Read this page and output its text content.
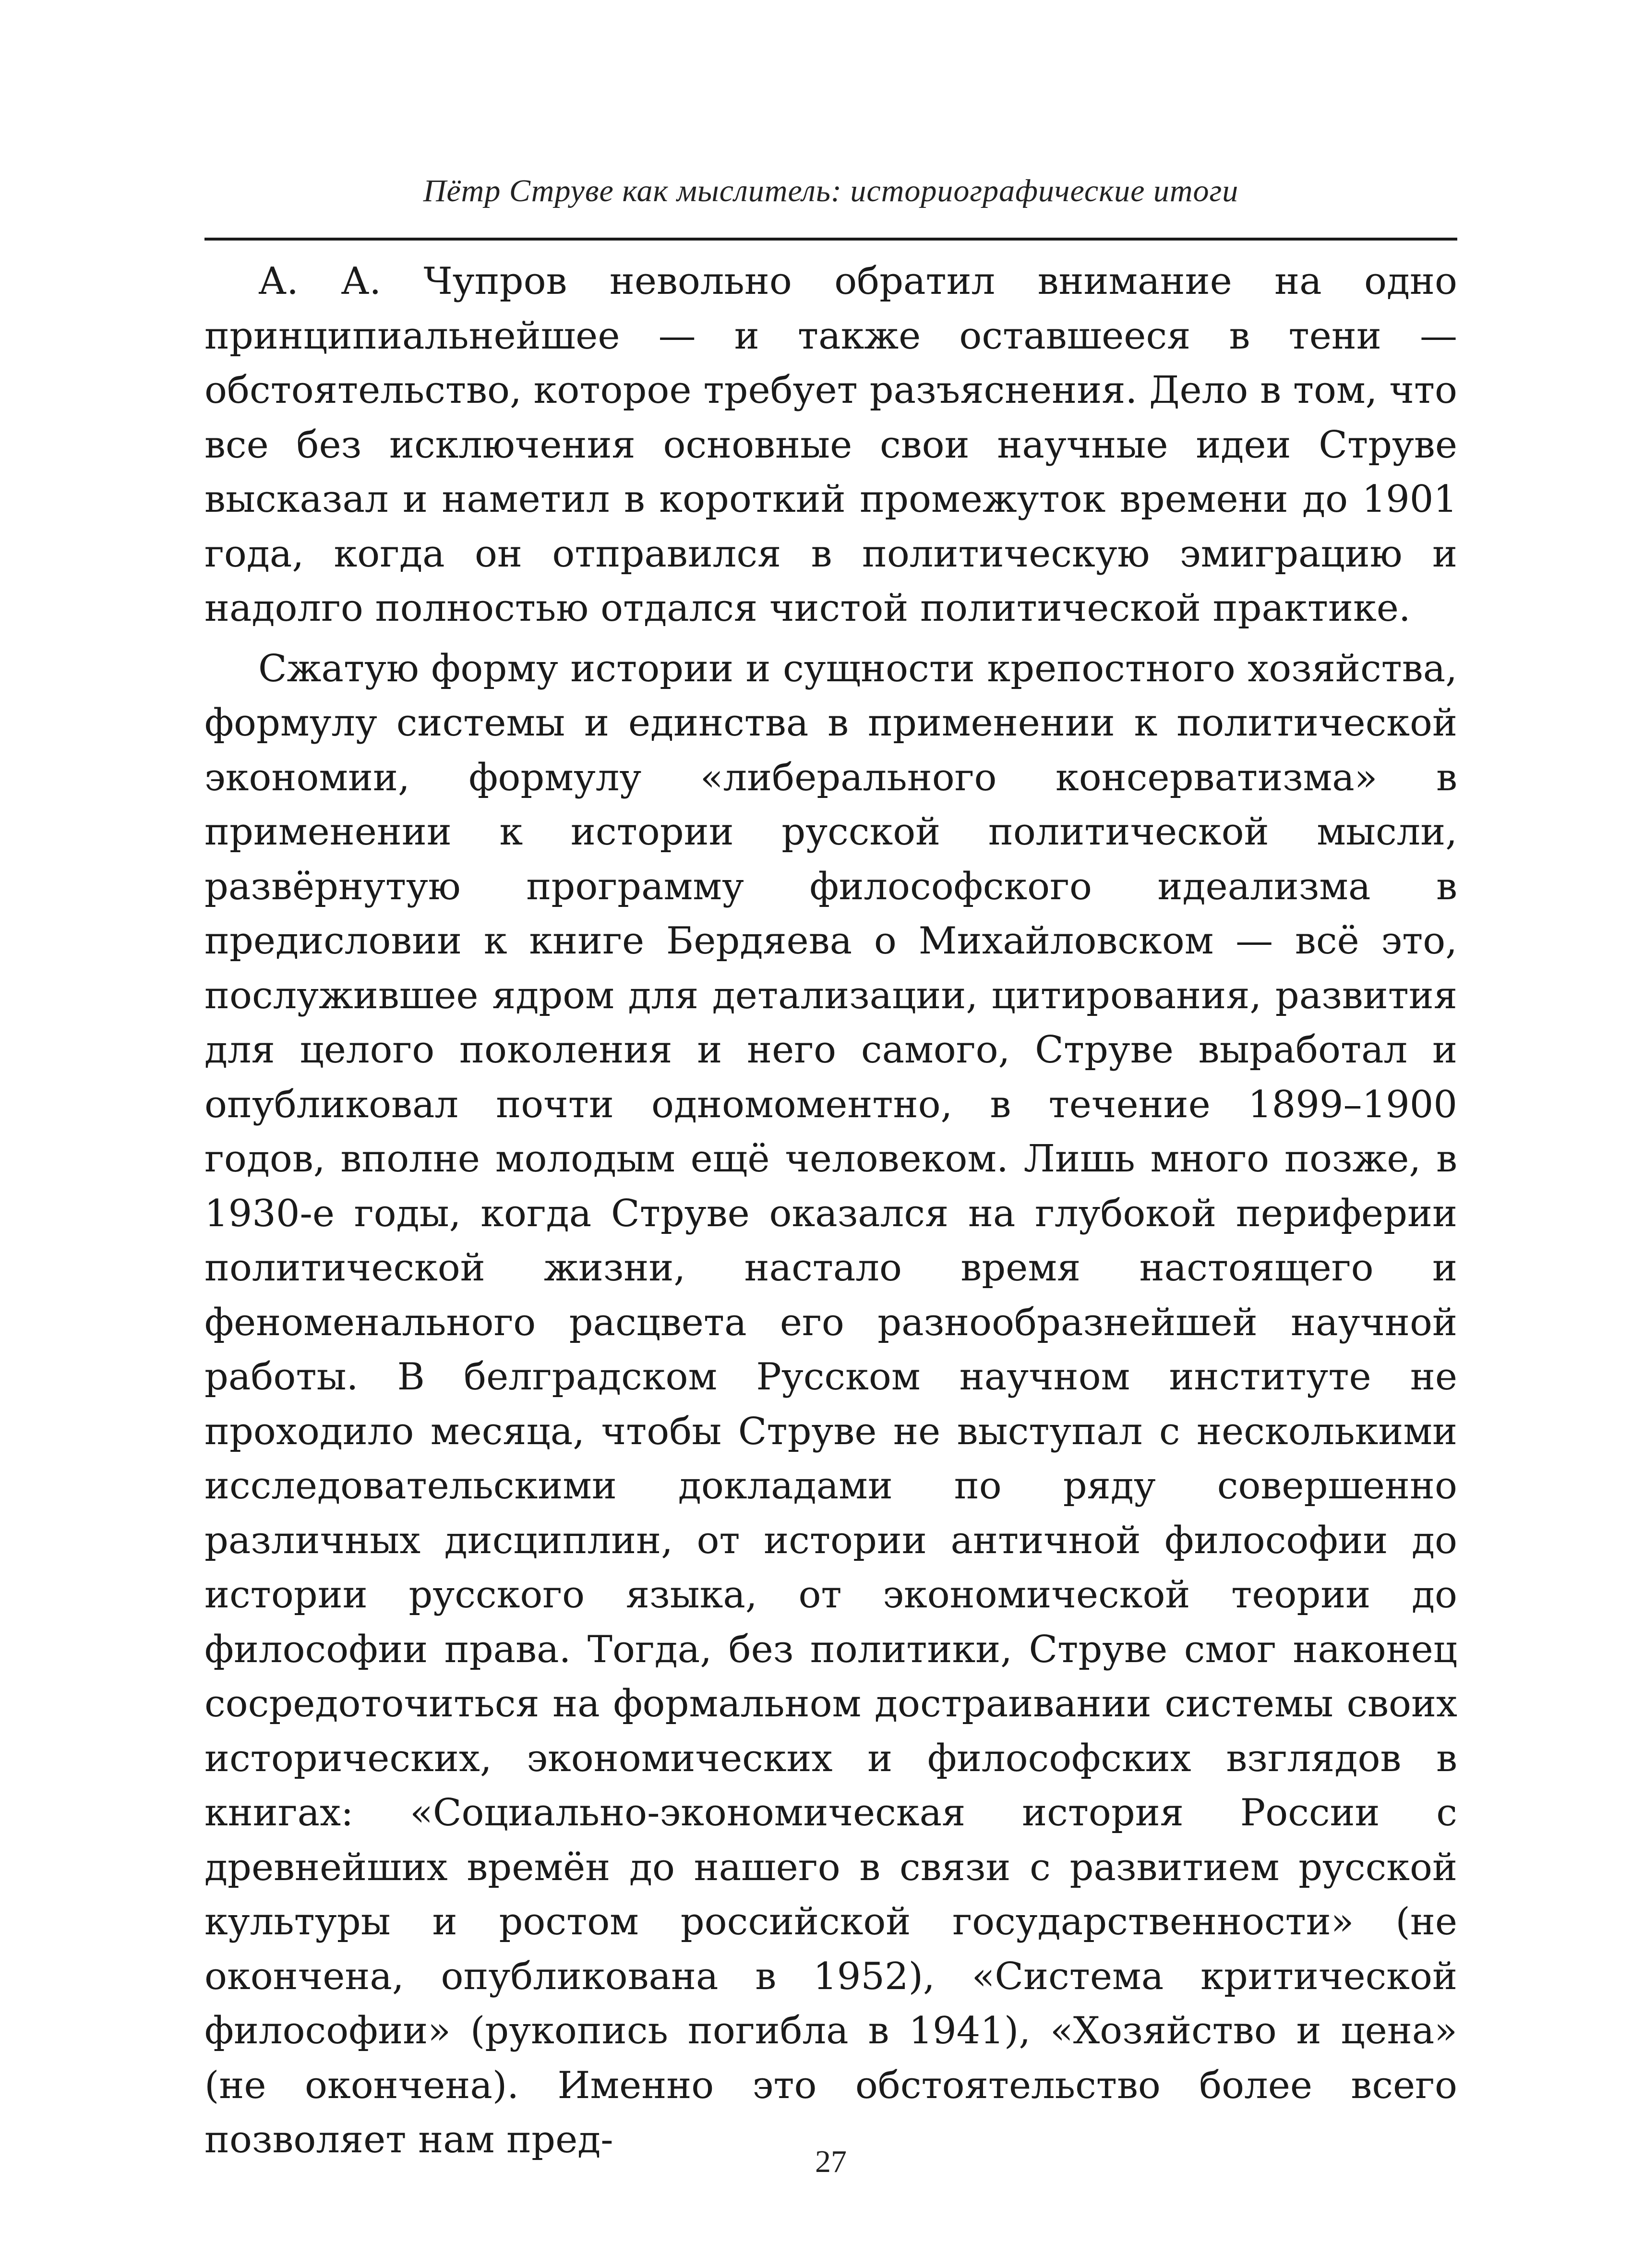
Пётр Струве как мыслитель: историографические итоги

А. А. Чупров невольно обратил внимание на одно принципиальнейшее — и также оставшееся в тени — обстоятельство, которое требует разъяснения. Дело в том, что все без исключения основные свои научные идеи Струве высказал и наметил в короткий промежуток времени до 1901 года, когда он отправился в политическую эмиграцию и надолго полностью отдался чистой политической практике.

Сжатую форму истории и сущности крепостного хозяйства, формулу системы и единства в применении к политической экономии, формулу «либерального консерватизма» в применении к истории русской политической мысли, развёрнутую программу философского идеализма в предисловии к книге Бердяева о Михайловском — всё это, послужившее ядром для детализации, цитирования, развития для целого поколения и него самого, Струве выработал и опубликовал почти одномоментно, в течение 1899–1900 годов, вполне молодым ещё человеком. Лишь много позже, в 1930-е годы, когда Струве оказался на глубокой периферии политической жизни, настало время настоящего и феноменального расцвета его разнообразнейшей научной работы. В белградском Русском научном институте не проходило месяца, чтобы Струве не выступал с несколькими исследовательскими докладами по ряду совершенно различных дисциплин, от истории античной философии до истории русского языка, от экономической теории до философии права. Тогда, без политики, Струве смог наконец сосредоточиться на формальном достраивании системы своих исторических, экономических и философских взглядов в книгах: «Социально-экономическая история России с древнейших времён до нашего в связи с развитием русской культуры и ростом российской государственности» (не окончена, опубликована в 1952), «Система критической философии» (рукопись погибла в 1941), «Хозяйство и цена» (не окончена). Именно это обстоятельство более всего позволяет нам пред-

27
